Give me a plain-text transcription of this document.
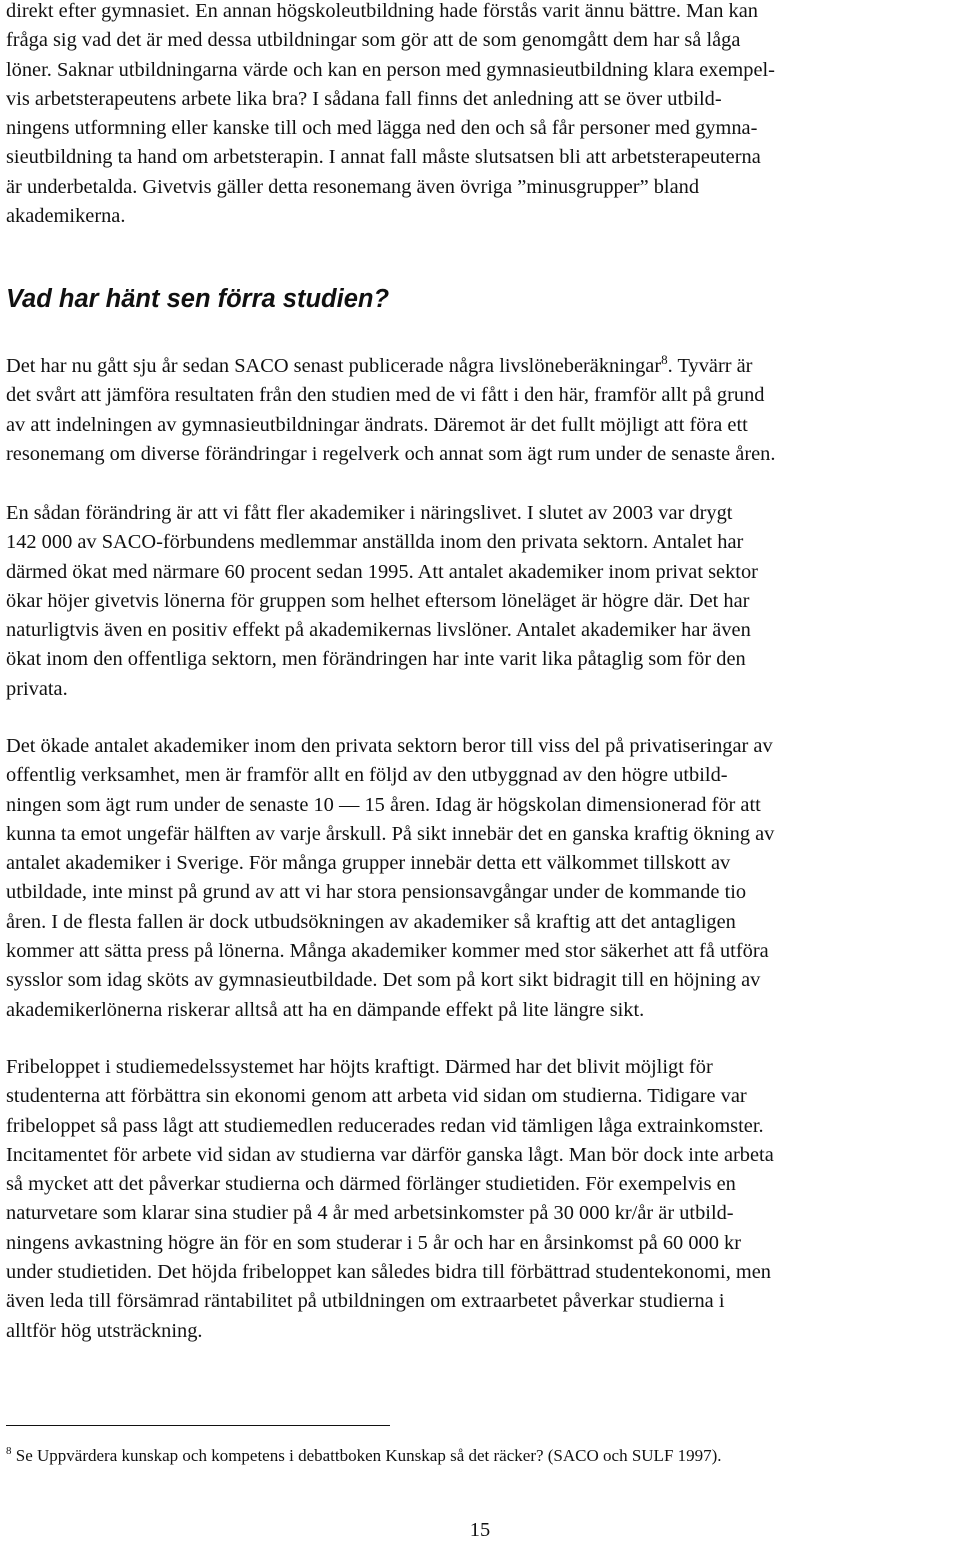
direkt efter gymnasiet. En annan högskoleutbildning hade förstås varit ännu bättre. Man kan
fråga sig vad det är med dessa utbildningar som gör att de som genomgått dem har så låga
löner. Saknar utbildningarna värde och kan en person med gymnasieutbildning klara exempel-
vis arbetsterapeutens arbete lika bra? I sådana fall finns det anledning att se över utbild-
ningens utformning eller kanske till och med lägga ned den och så får personer med gymna-
sieutbildning ta hand om arbetsterapin. I annat fall måste slutsatsen bli att arbetsterapeuterna
är underbetalda. Givetvis gäller detta resonemang även övriga ”minusgrupper” bland
akademikerna.

Vad har hänt sen förra studien?

Det har nu gått sju år sedan SACO senast publicerade några livslöneberäkningar$^8$. Tyvärr är
det svårt att jämföra resultaten från den studien med de vi fått i den här, framför allt på grund
av att indelningen av gymnasieutbildningar ändrats. Däremot är det fullt möjligt att föra ett
resonemang om diverse förändringar i regelverk och annat som ägt rum under de senaste åren.

En sådan förändring är att vi fått fler akademiker i näringslivet. I slutet av 2003 var drygt
142 000 av SACO-förbundens medlemmar anställda inom den privata sektorn. Antalet har
därmed ökat med närmare 60 procent sedan 1995. Att antalet akademiker inom privat sektor
ökar höjer givetvis lönerna för gruppen som helhet eftersom löneläget är högre där. Det har
naturligtvis även en positiv effekt på akademikernas livslöner. Antalet akademiker har även
ökat inom den offentliga sektorn, men förändringen har inte varit lika påtaglig som för den
privata.

Det ökade antalet akademiker inom den privata sektorn beror till viss del på privatiseringar av
offentlig verksamhet, men är framför allt en följd av den utbyggnad av den högre utbild-
ningen som ägt rum under de senaste 10 — 15 åren. Idag är högskolan dimensionerad för att
kunna ta emot ungefär hälften av varje årskull. På sikt innebär det en ganska kraftig ökning av
antalet akademiker i Sverige. För många grupper innebär detta ett välkommet tillskott av
utbildade, inte minst på grund av att vi har stora pensionsavgångar under de kommande tio
åren. I de flesta fallen är dock utbudsökningen av akademiker så kraftig att det antagligen
kommer att sätta press på lönerna. Många akademiker kommer med stor säkerhet att få utföra
sysslor som idag sköts av gymnasieutbildade. Det som på kort sikt bidragit till en höjning av
akademikerlönerna riskerar alltså att ha en dämpande effekt på lite längre sikt.

Fribeloppet i studiemedelssystemet har höjts kraftigt. Därmed har det blivit möjligt för
studenterna att förbättra sin ekonomi genom att arbeta vid sidan om studierna. Tidigare var
fribeloppet så pass lågt att studiemedlen reducerades redan vid tämligen låga extrainkomster.
Incitamentet för arbete vid sidan av studierna var därför ganska lågt. Man bör dock inte arbeta
så mycket att det påverkar studierna och därmed förlänger studietiden. För exempelvis en
naturvetare som klarar sina studier på 4 år med arbetsinkomster på 30 000 kr/år är utbild-
ningens avkastning högre än för en som studerar i 5 år och har en årsinkomst på 60 000 kr
under studietiden. Det höjda fribeloppet kan således bidra till förbättrad studentekonomi, men
även leda till försämrad räntabilitet på utbildningen om extraarbetet påverkar studierna i
alltför hög utsträckning.

$^8$ Se Uppvärdera kunskap och kompetens i debattboken Kunskap så det räcker? (SACO och SULF 1997).

15
